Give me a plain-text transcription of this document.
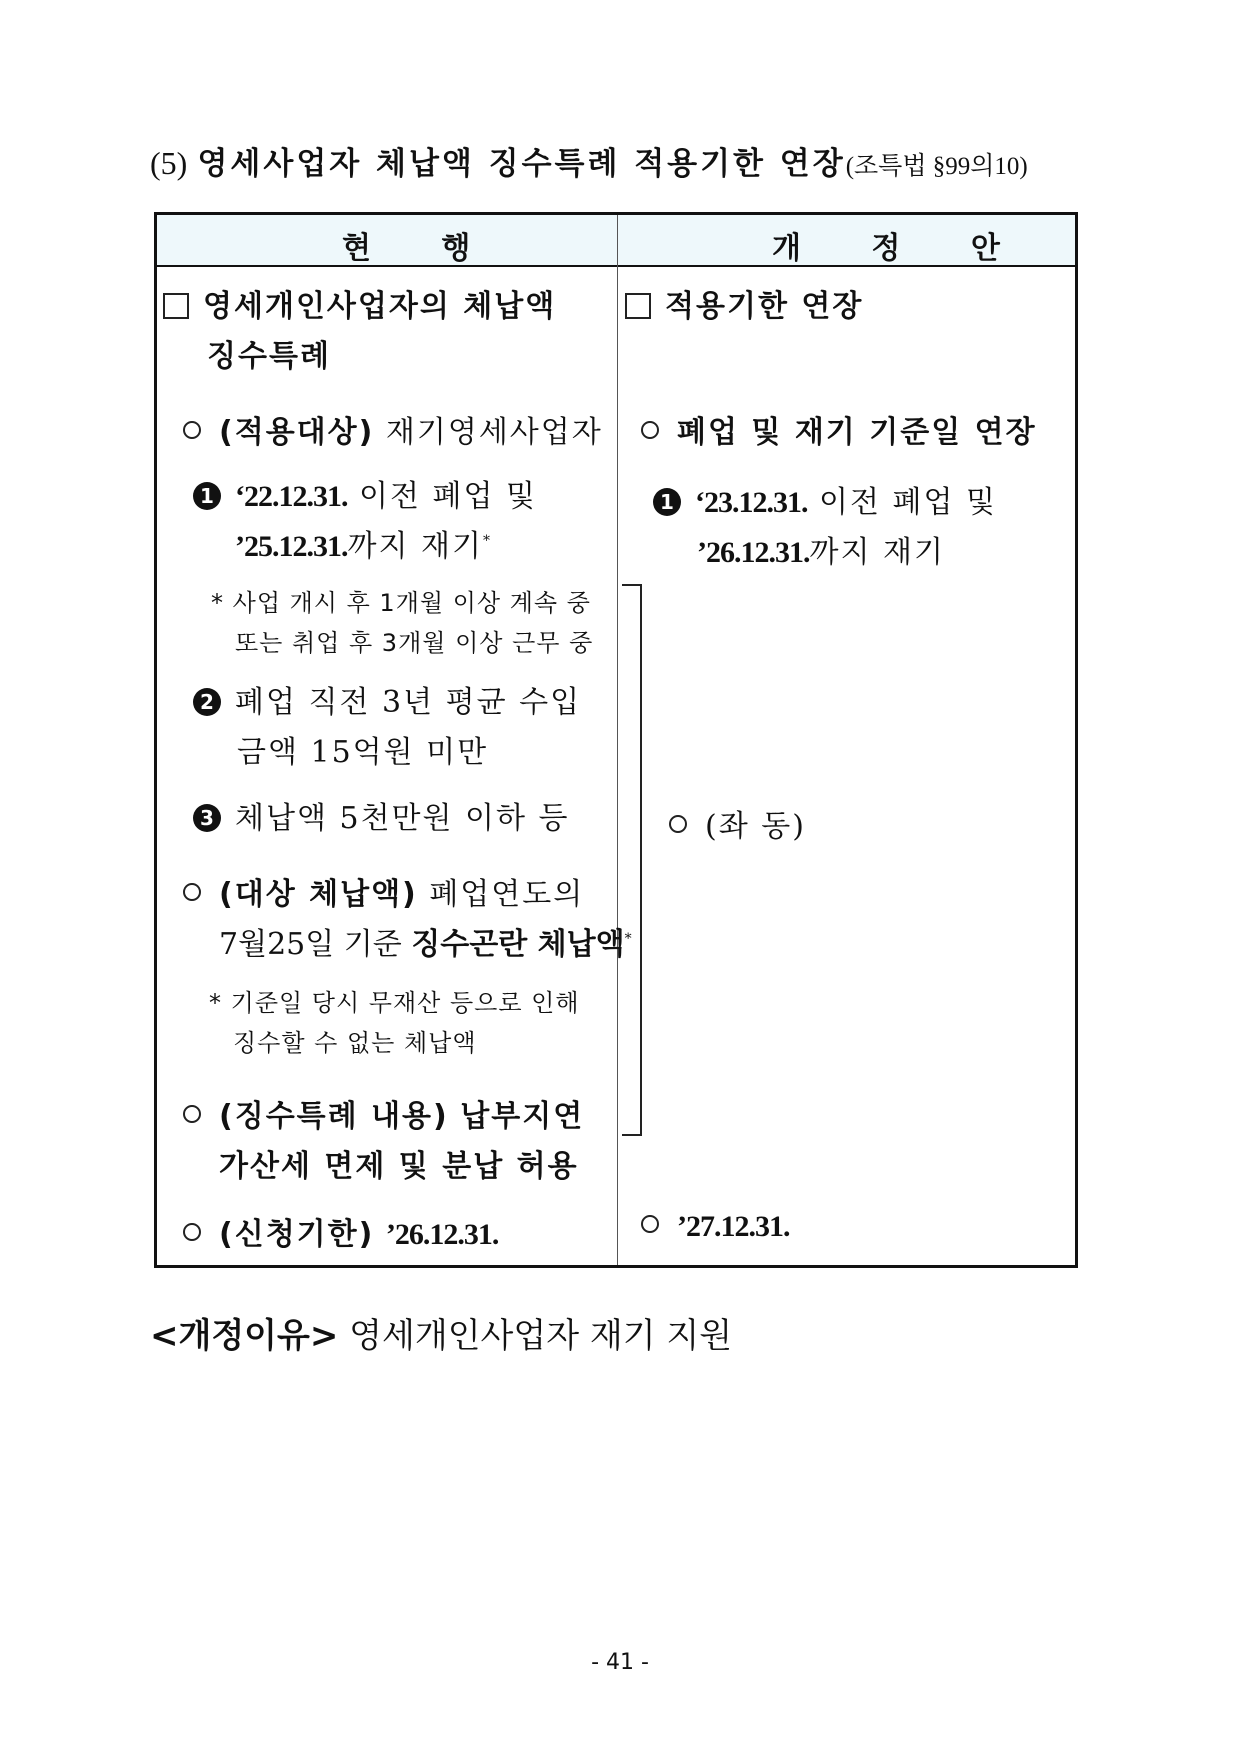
(5) 영세사업자 체납액 징수특례 적용기한 연장(조특법 §99의10)
현 행	개 정 안
영세개인사업자의 체납액
징수특례
(적용대상) 재기영세사업자
1 ‘22.12.31. 이전 폐업 및
’25.12.31.까지 재기*
* 사업 개시 후 1개월 이상 계속 중
또는 취업 후 3개월 이상 근무 중
2 폐업 직전 3년 평균 수입
금액 15억원 미만
3 체납액 5천만원 이하 등
(대상 체납액) 폐업연도의
7월25일 기준 징수곤란 체납액*
* 기준일 당시 무재산 등으로 인해
징수할 수 없는 체납액
(징수특례 내용) 납부지연
가산세 면제 및 분납 허용
(신청기한) ’26.12.31.
적용기한 연장
폐업 및 재기 기준일 연장
1 ‘23.12.31. 이전 폐업 및
’26.12.31.까지 재기
(좌 동)
’27.12.31.
<개정이유> 영세개인사업자 재기 지원
- 41 -
